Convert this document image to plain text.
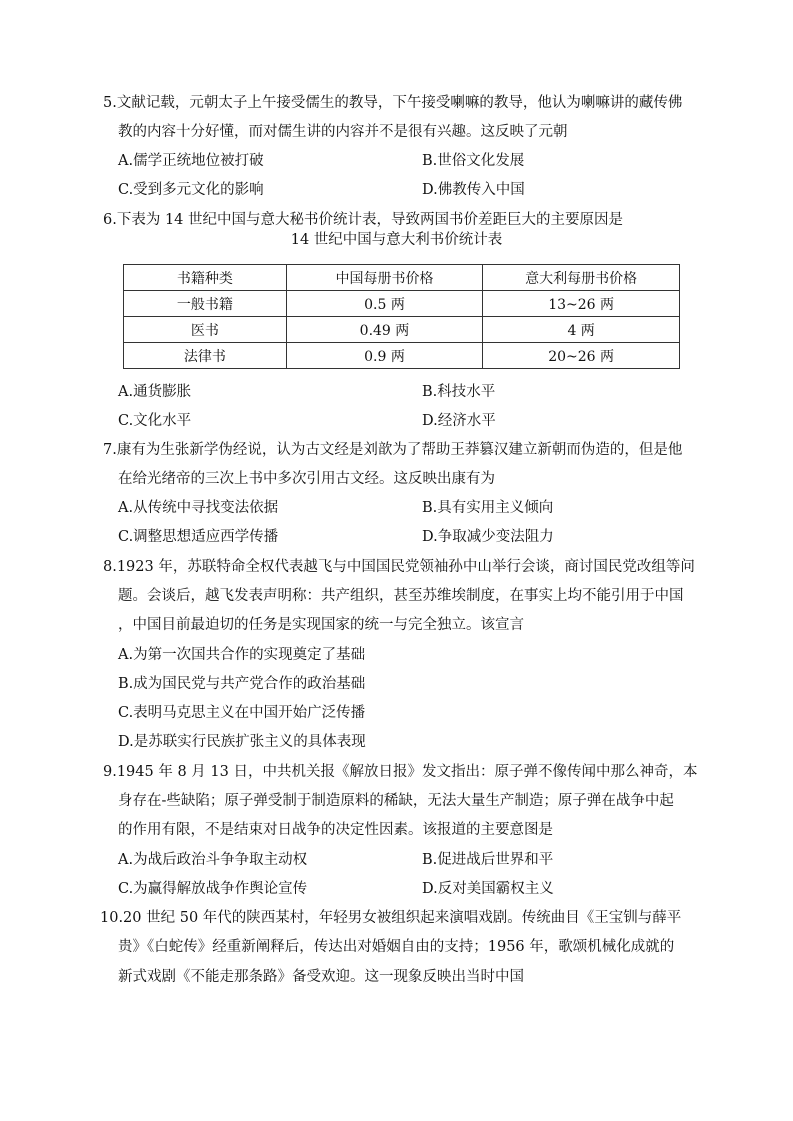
5.文献记载，元朝太子上午接受儒生的教导，下午接受喇嘛的教导，他认为喇嘛讲的藏传佛
教的内容十分好懂，而对儒生讲的内容并不是很有兴趣。这反映了元朝
A.儒学正统地位被打破	B.世俗文化发展
C.受到多元文化的影响	D.佛教传入中国
6.下表为 14 世纪中国与意大秘书价统计表，导致两国书价差距巨大的主要原因是
14 世纪中国与意大利书价统计表
书籍种类	中国每册书价格	意大利每册书价格
一般书籍	0.5 两	13~26 两
医书	0.49 两	4 两
法律书	0.9 两	20~26 两
A.通货膨胀	B.科技水平
C.文化水平	D.经济水平
7.康有为生张新学伪经说，认为古文经是刘歆为了帮助王莽篡汉建立新朝而伪造的，但是他
在给光绪帝的三次上书中多次引用古文经。这反映出康有为
A.从传统中寻找变法依据	B.具有实用主义倾向
C.调整思想适应西学传播	D.争取减少变法阻力
8.1923 年，苏联特命全权代表越飞与中国国民党领袖孙中山举行会谈，商讨国民党改组等问
题。会谈后，越飞发表声明称：共产组织，甚至苏维埃制度，在事实上均不能引用于中国
，中国目前最迫切的任务是实现国家的统一与完全独立。该宣言
A.为第一次国共合作的实现奠定了基础
B.成为国民党与共产党合作的政治基础
C.表明马克思主义在中国开始广泛传播
D.是苏联实行民族扩张主义的具体表现
9.1945 年 8 月 13 日，中共机关报《解放日报》发文指出：原子弹不像传闻中那么神奇，本
身存在-些缺陷；原子弹受制于制造原料的稀缺，无法大量生产制造；原子弹在战争中起
的作用有限，不是结束对日战争的决定性因素。该报道的主要意图是
A.为战后政治斗争争取主动权	B.促进战后世界和平
C.为赢得解放战争作舆论宣传	D.反对美国霸权主义
10.20 世纪 50 年代的陕西某村，年轻男女被组织起来演唱戏剧。传统曲目《王宝钏与薛平
贵》《白蛇传》经重新阐释后，传达出对婚姻自由的支持；1956 年，歌颂机械化成就的
新式戏剧《不能走那条路》备受欢迎。这一现象反映出当时中国
